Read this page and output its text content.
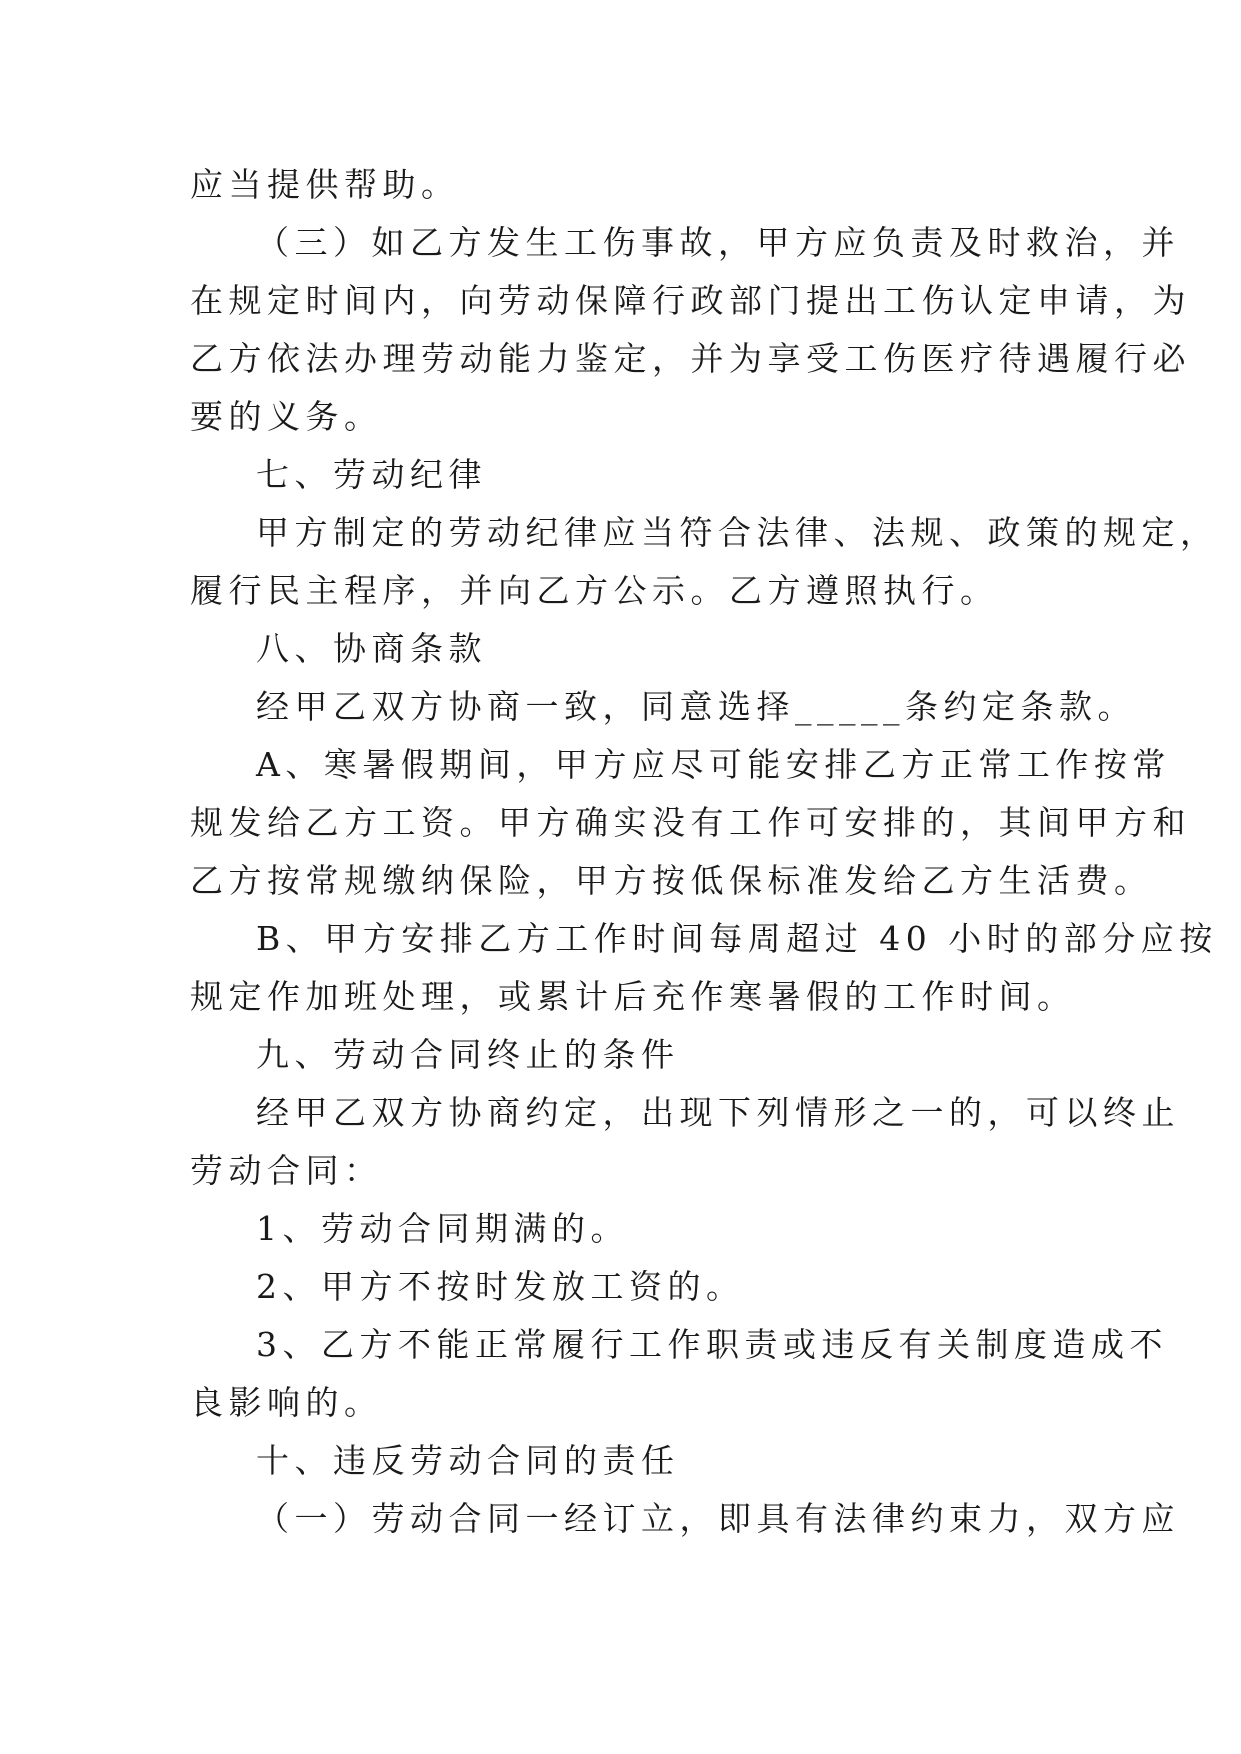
应当提供帮助。

（三）如乙方发生工伤事故，甲方应负责及时救治，并

在规定时间内，向劳动保障行政部门提出工伤认定申请，为

乙方依法办理劳动能力鉴定，并为享受工伤医疗待遇履行必

要的义务。

七、劳动纪律

甲方制定的劳动纪律应当符合法律、法规、政策的规定，

履行民主程序，并向乙方公示。乙方遵照执行。

八、协商条款

经甲乙双方协商一致，同意选择_____条约定条款。

A、寒暑假期间，甲方应尽可能安排乙方正常工作按常

规发给乙方工资。甲方确实没有工作可安排的，其间甲方和

乙方按常规缴纳保险，甲方按低保标准发给乙方生活费。

B、甲方安排乙方工作时间每周超过 40 小时的部分应按

规定作加班处理，或累计后充作寒暑假的工作时间。

九、劳动合同终止的条件

经甲乙双方协商约定，出现下列情形之一的，可以终止

劳动合同：

1、劳动合同期满的。

2、甲方不按时发放工资的。

3、乙方不能正常履行工作职责或违反有关制度造成不

良影响的。

十、违反劳动合同的责任

（一）劳动合同一经订立，即具有法律约束力，双方应
